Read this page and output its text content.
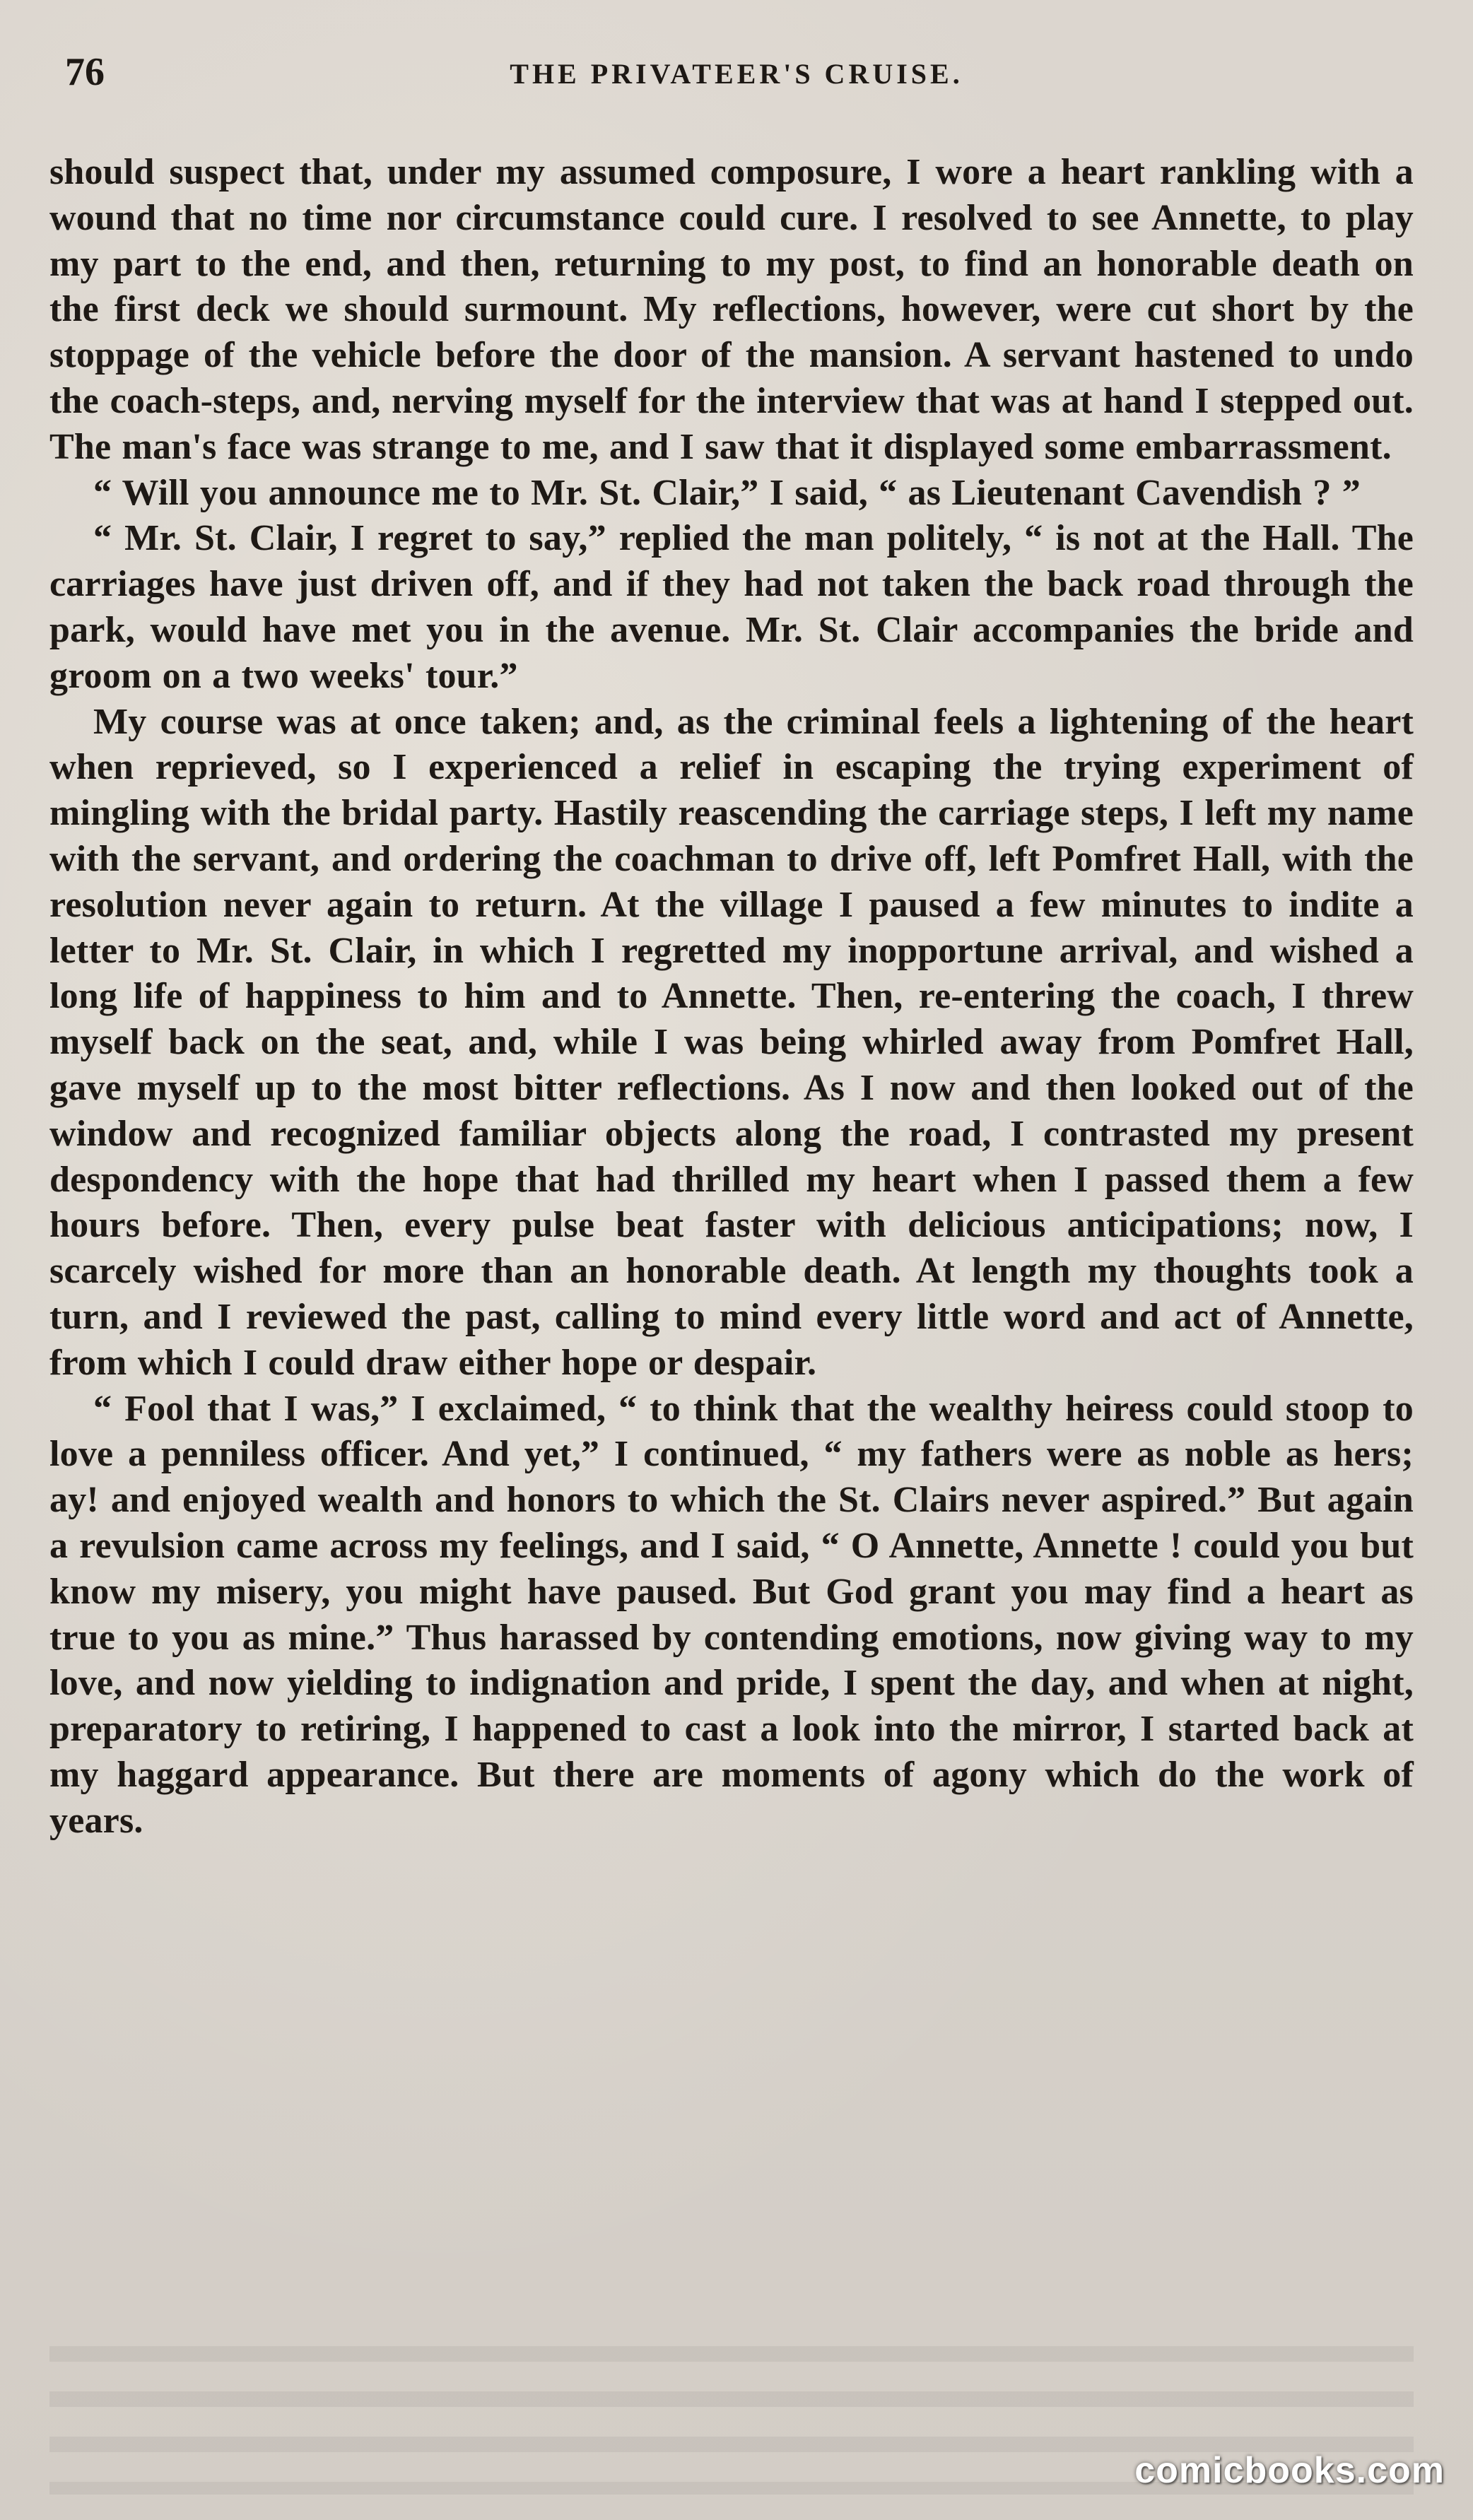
76	THE PRIVATEER'S CRUISE.

should suspect that, under my assumed composure, I wore a heart rankling with a wound that no time nor circumstance could cure. I resolved to see Annette, to play my part to the end, and then, returning to my post, to find an honorable death on the first deck we should surmount. My reflections, however, were cut short by the stoppage of the vehicle before the door of the mansion. A servant hastened to undo the coach-steps, and, nerving myself for the interview that was at hand I stepped out. The man's face was strange to me, and I saw that it displayed some embarrassment.

“ Will you announce me to Mr. St. Clair,” I said, “ as Lieutenant Cavendish ? ”

“ Mr. St. Clair, I regret to say,” replied the man politely, “ is not at the Hall. The carriages have just driven off, and if they had not taken the back road through the park, would have met you in the avenue. Mr. St. Clair accompanies the bride and groom on a two weeks' tour.”

My course was at once taken; and, as the criminal feels a lightening of the heart when reprieved, so I experienced a relief in escaping the trying experiment of mingling with the bridal party. Hastily reascending the carriage steps, I left my name with the servant, and ordering the coachman to drive off, left Pomfret Hall, with the resolution never again to return. At the village I paused a few minutes to indite a letter to Mr. St. Clair, in which I regretted my inopportune arrival, and wished a long life of happiness to him and to Annette. Then, re-entering the coach, I threw myself back on the seat, and, while I was being whirled away from Pomfret Hall, gave myself up to the most bitter reflections. As I now and then looked out of the window and recognized familiar objects along the road, I contrasted my present despondency with the hope that had thrilled my heart when I passed them a few hours before. Then, every pulse beat faster with delicious anticipations; now, I scarcely wished for more than an honorable death. At length my thoughts took a turn, and I reviewed the past, calling to mind every little word and act of Annette, from which I could draw either hope or despair.

“ Fool that I was,” I exclaimed, “ to think that the wealthy heiress could stoop to love a penniless officer. And yet,” I continued, “ my fathers were as noble as hers; ay! and enjoyed wealth and honors to which the St. Clairs never aspired.” But again a revulsion came across my feelings, and I said, “ O Annette, Annette ! could you but know my misery, you might have paused. But God grant you may find a heart as true to you as mine.” Thus harassed by contending emotions, now giving way to my love, and now yielding to indignation and pride, I spent the day, and when at night, preparatory to retiring, I happened to cast a look into the mirror, I started back at my haggard appearance. But there are moments of agony which do the work of years.

comicbooks.com
